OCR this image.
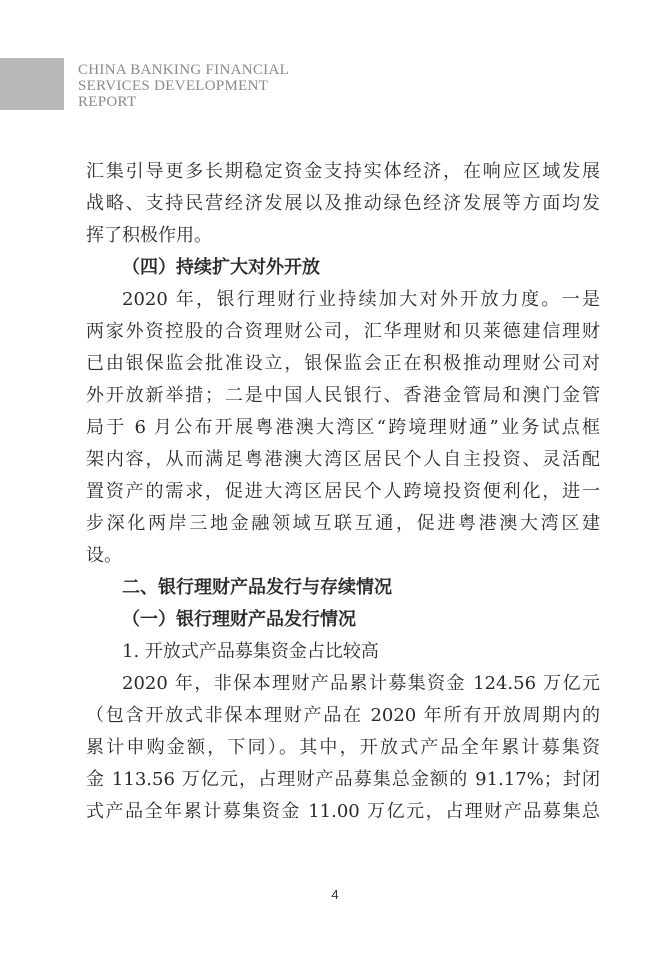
CHINA BANKING FINANCIAL
SERVICES DEVELOPMENT
REPORT
汇集引导更多长期稳定资金支持实体经济，在响应区域发展
战略、支持民营经济发展以及推动绿色经济发展等方面均发
挥了积极作用。
（四）持续扩大对外开放
2020 年，银行理财行业持续加大对外开放力度。一是
两家外资控股的合资理财公司，汇华理财和贝莱德建信理财
已由银保监会批准设立，银保监会正在积极推动理财公司对
外开放新举措；二是中国人民银行、香港金管局和澳门金管
局于 6 月公布开展粤港澳大湾区“跨境理财通”业务试点框
架内容，从而满足粤港澳大湾区居民个人自主投资、灵活配
置资产的需求，促进大湾区居民个人跨境投资便利化，进一
步深化两岸三地金融领域互联互通，促进粤港澳大湾区建
设。
二、银行理财产品发行与存续情况
（一）银行理财产品发行情况
1. 开放式产品募集资金占比较高
2020 年，非保本理财产品累计募集资金 124.56 万亿元
（包含开放式非保本理财产品在 2020 年所有开放周期内的
累计申购金额，下同）。其中，开放式产品全年累计募集资
金 113.56 万亿元，占理财产品募集总金额的 91.17%；封闭
式产品全年累计募集资金 11.00 万亿元，占理财产品募集总
4
